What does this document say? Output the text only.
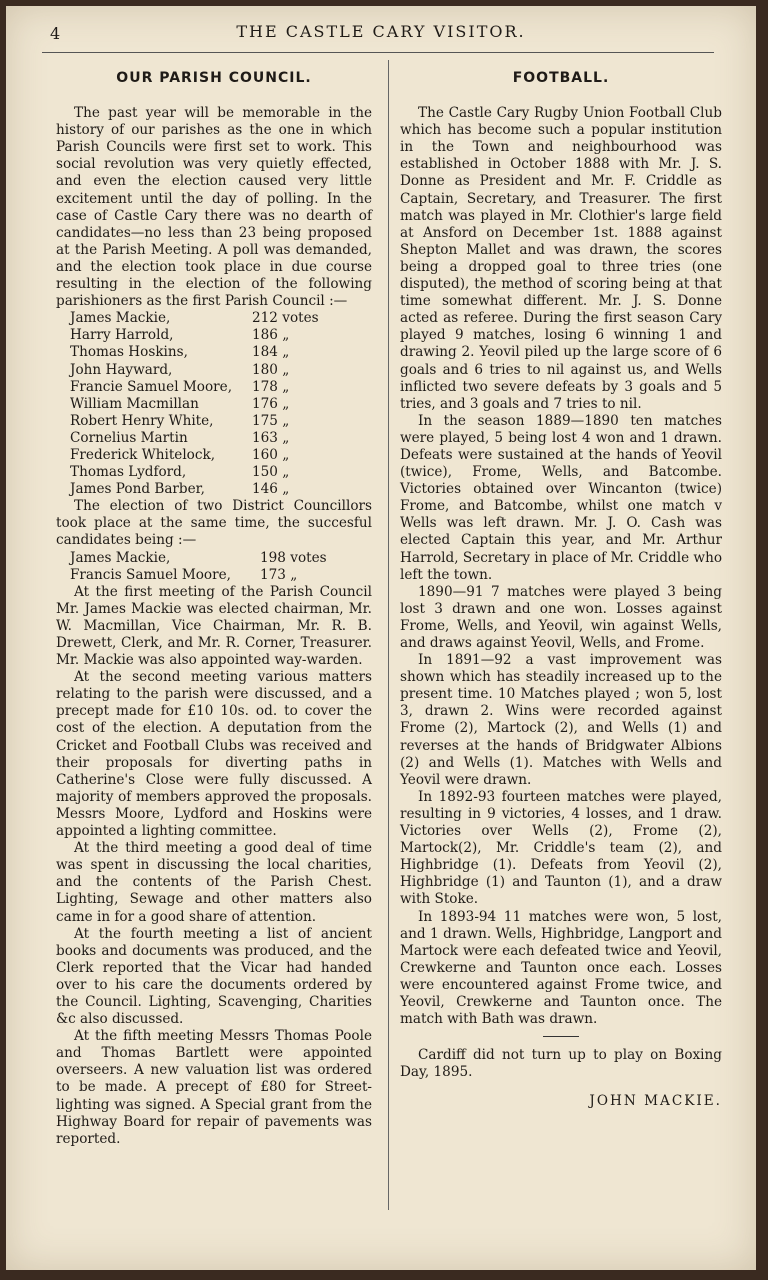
4	THE CASTLE CARY VISITOR.
OUR PARISH COUNCIL.

The past year will be memorable in the history of our parishes as the one in which Parish Councils were first set to work. This social revolution was very quietly effected, and even the election caused very little excitement until the day of polling. In the case of Castle Cary there was no dearth of candidates—no less than 23 being proposed at the Parish Meeting. A poll was demanded, and the election took place in due course resulting in the election of the following parishioners as the first Parish Council :—

James Mackie,	212 votes
Harry Harrold,	186 „
Thomas Hoskins,	184 „
John Hayward,	180 „
Francie Samuel Moore,	178 „
William Macmillan	176 „
Robert Henry White,	175 „
Cornelius Martin	163 „
Frederick Whitelock,	160 „
Thomas Lydford,	150 „
James Pond Barber,	146 „

The election of two District Councillors took place at the same time, the succesful candidates being :—

James Mackie,	198 votes
Francis Samuel Moore,	173 „

At the first meeting of the Parish Council Mr. James Mackie was elected chairman, Mr. W. Macmillan, Vice Chairman, Mr. R. B. Drewett, Clerk, and Mr. R. Corner, Treasurer. Mr. Mackie was also appointed way-warden.

At the second meeting various matters relating to the parish were discussed, and a precept made for £10 10s. od. to cover the cost of the election. A deputation from the Cricket and Football Clubs was received and their proposals for diverting paths in Catherine's Close were fully discussed. A majority of members approved the proposals. Messrs Moore, Lydford and Hoskins were appointed a lighting committee.

At the third meeting a good deal of time was spent in discussing the local charities, and the contents of the Parish Chest. Lighting, Sewage and other matters also came in for a good share of attention.

At the fourth meeting a list of ancient books and documents was produced, and the Clerk reported that the Vicar had handed over to his care the documents ordered by the Council. Lighting, Scavenging, Charities &c also discussed.

At the fifth meeting Messrs Thomas Poole and Thomas Bartlett were appointed overseers. A new valuation list was ordered to be made. A precept of £80 for Street-lighting was signed. A Special grant from the Highway Board for repair of pavements was reported.

FOOTBALL.

The Castle Cary Rugby Union Football Club which has become such a popular institution in the Town and neighbourhood was established in October 1888 with Mr. J. S. Donne as President and Mr. F. Criddle as Captain, Secretary, and Treasurer. The first match was played in Mr. Clothier's large field at Ansford on December 1st. 1888 against Shepton Mallet and was drawn, the scores being a dropped goal to three tries (one disputed), the method of scoring being at that time somewhat different. Mr. J. S. Donne acted as referee. During the first season Cary played 9 matches, losing 6 winning 1 and drawing 2. Yeovil piled up the large score of 6 goals and 6 tries to nil against us, and Wells inflicted two severe defeats by 3 goals and 5 tries, and 3 goals and 7 tries to nil.

In the season 1889—1890 ten matches were played, 5 being lost 4 won and 1 drawn. Defeats were sustained at the hands of Yeovil (twice), Frome, Wells, and Batcombe. Victories obtained over Wincanton (twice) Frome, and Batcombe, whilst one match v Wells was left drawn. Mr. J. O. Cash was elected Captain this year, and Mr. Arthur Harrold, Secretary in place of Mr. Criddle who left the town.

1890—91 7 matches were played 3 being lost 3 drawn and one won. Losses against Frome, Wells, and Yeovil, win against Wells, and draws against Yeovil, Wells, and Frome.

In 1891—92 a vast improvement was shown which has steadily increased up to the present time. 10 Matches played ; won 5, lost 3, drawn 2. Wins were recorded against Frome (2), Martock (2), and Wells (1) and reverses at the hands of Bridgwater Albions (2) and Wells (1). Matches with Wells and Yeovil were drawn.

In 1892-93 fourteen matches were played, resulting in 9 victories, 4 losses, and 1 draw. Victories over Wells (2), Frome (2), Martock(2), Mr. Criddle's team (2), and Highbridge (1). Defeats from Yeovil (2), Highbridge (1) and Taunton (1), and a draw with Stoke.

In 1893-94 11 matches were won, 5 lost, and 1 drawn. Wells, Highbridge, Langport and Martock were each defeated twice and Yeovil, Crewkerne and Taunton once each. Losses were encountered against Frome twice, and Yeovil, Crewkerne and Taunton once. The match with Bath was drawn.

Cardiff did not turn up to play on Boxing Day, 1895.

JOHN MACKIE.
